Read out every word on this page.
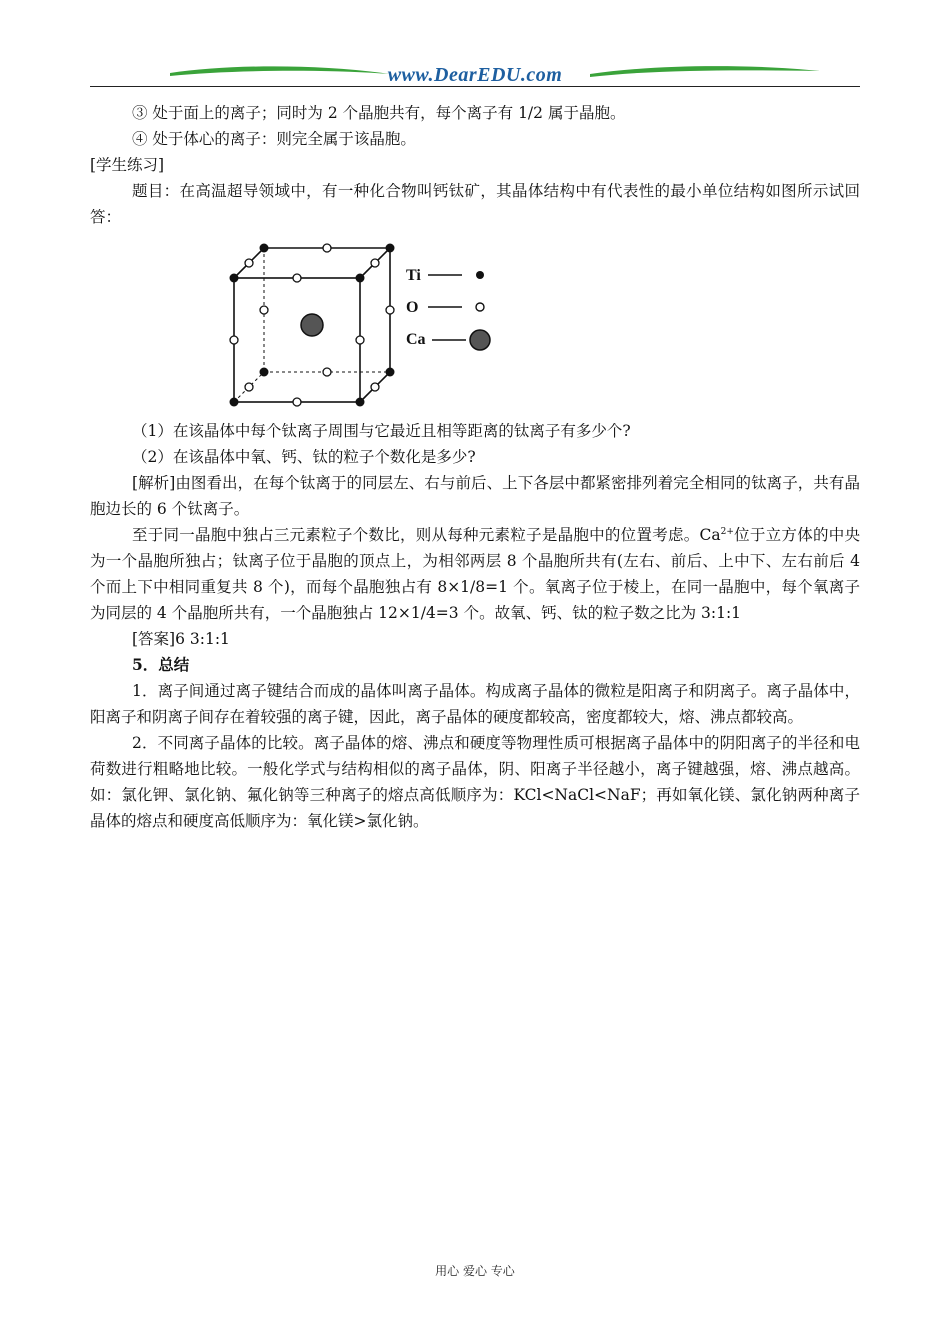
www.DearEDU.com

③ 处于面上的离子；同时为 2 个晶胞共有，每个离子有 1/2 属于晶胞。

④ 处于体心的离子：则完全属于该晶胞。

[学生练习]

题目：在高温超导领域中，有一种化合物叫钙钛矿，其晶体结构中有代表性的最小单位结构如图所示试回答：

Ti
O
Ca

（1）在该晶体中每个钛离子周围与它最近且相等距离的钛离子有多少个?

（2）在该晶体中氧、钙、钛的粒子个数化是多少?

[解析]由图看出，在每个钛离于的同层左、右与前后、上下各层中都紧密排列着完全相同的钛离子，共有晶胞边长的 6 个钛离子。

至于同一晶胞中独占三元素粒子个数比，则从每种元素粒子是晶胞中的位置考虑。$Ca^{2+}$位于立方体的中央为一个晶胞所独占；钛离子位于晶胞的顶点上，为相邻两层 8 个晶胞所共有(左右、前后、上中下、左右前后 4 个而上下中相同重复共 8 个)，而每个晶胞独占有 8×1/8=1 个。氧离子位于棱上，在同一晶胞中，每个氧离子为同层的 4 个晶胞所共有，一个晶胞独占 12×1/4=3 个。故氧、钙、钛的粒子数之比为 3:1:1

[答案]6 3:1:1

5．总结

1．离子间通过离子键结合而成的晶体叫离子晶体。构成离子晶体的微粒是阳离子和阴离子。离子晶体中，阳离子和阴离子间存在着较强的离子键，因此，离子晶体的硬度都较高，密度都较大，熔、沸点都较高。

2．不同离子晶体的比较。离子晶体的熔、沸点和硬度等物理性质可根据离子晶体中的阴阳离子的半径和电荷数进行粗略地比较。一般化学式与结构相似的离子晶体，阴、阳离子半径越小，离子键越强，熔、沸点越高。如：氯化钾、氯化钠、氟化钠等三种离子的熔点高低顺序为：KCl<NaCl<NaF；再如氧化镁、氯化钠两种离子晶体的熔点和硬度高低顺序为：氧化镁>氯化钠。

用心 爱心 专心
